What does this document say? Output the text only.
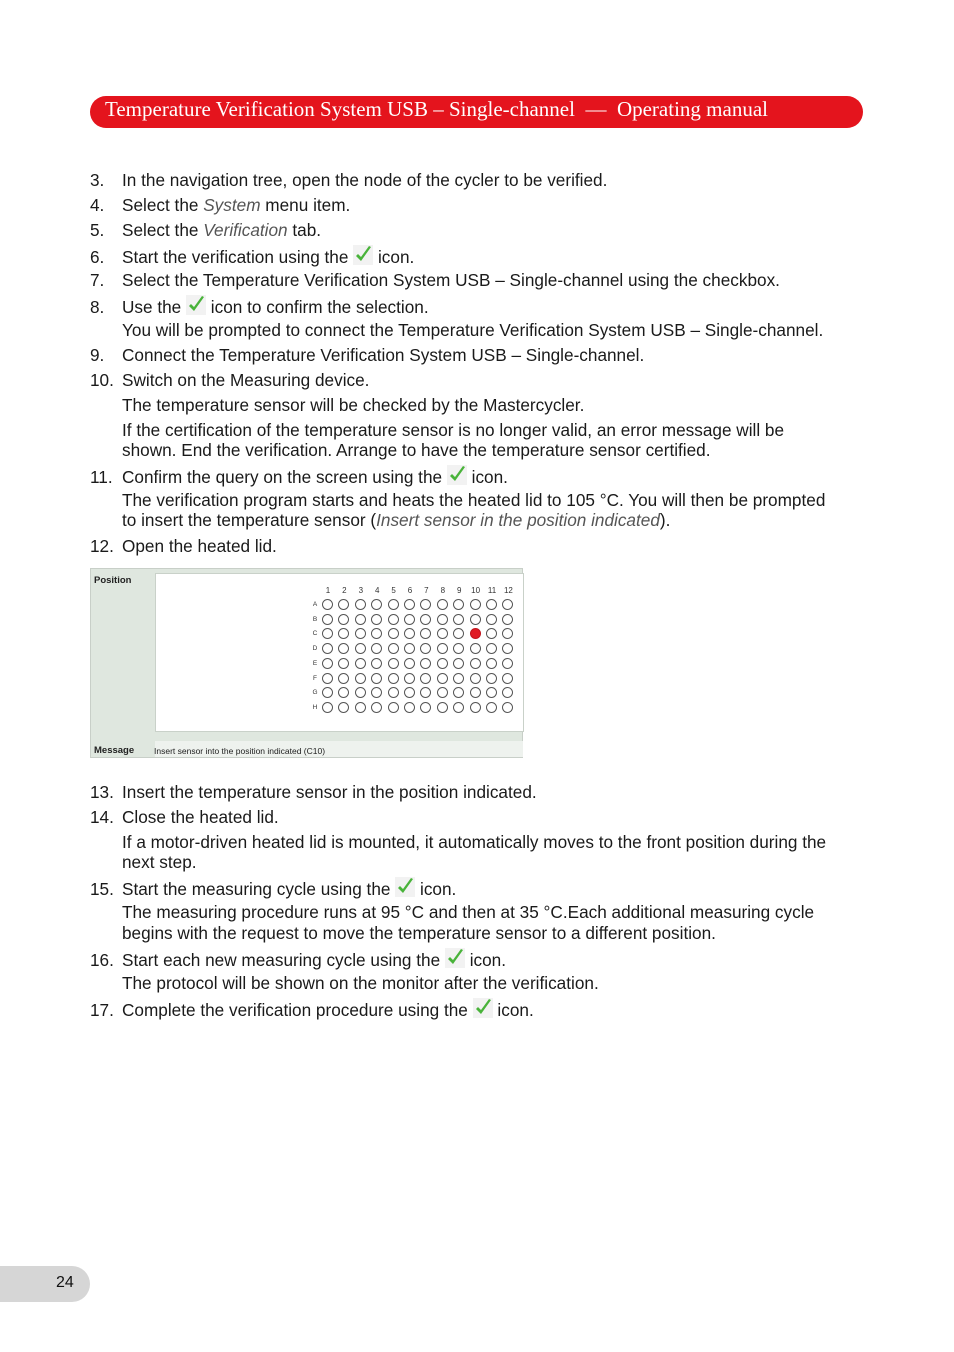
Temperature Verification System USB – Single-channel  —  Operating manual
3. In the navigation tree, open the node of the cycler to be verified.
4. Select the System menu item.
5. Select the Verification tab.
6. Start the verification using the  icon.
7. Select the Temperature Verification System USB – Single-channel using the checkbox.
8. Use the  icon to confirm the selection.
You will be prompted to connect the Temperature Verification System USB – Single-channel.
9. Connect the Temperature Verification System USB – Single-channel.
10. Switch on the Measuring device.
The temperature sensor will be checked by the Mastercycler.
If the certification of the temperature sensor is no longer valid, an error message will be
shown. End the verification. Arrange to have the temperature sensor certified.
11. Confirm the query on the screen using the  icon.
The verification program starts and heats the heated lid to 105 °C. You will then be prompted
to insert the temperature sensor (Insert sensor in the position indicated).
12. Open the heated lid.
Position
Message Insert sensor into the position indicated (C10)
1	2	3	4	5	6	7	8	9	10 11 12
A
B
C
D
E
F
G
H
13. Insert the temperature sensor in the position indicated.
14. Close the heated lid.
If a motor-driven heated lid is mounted, it automatically moves to the front position during the
next step.
15. Start the measuring cycle using the  icon.
The measuring procedure runs at 95 °C and then at 35 °C.Each additional measuring cycle
begins with the request to move the temperature sensor to a different position.
16. Start each new measuring cycle using the  icon.
The protocol will be shown on the monitor after the verification.
17. Complete the verification procedure using the  icon.
24
